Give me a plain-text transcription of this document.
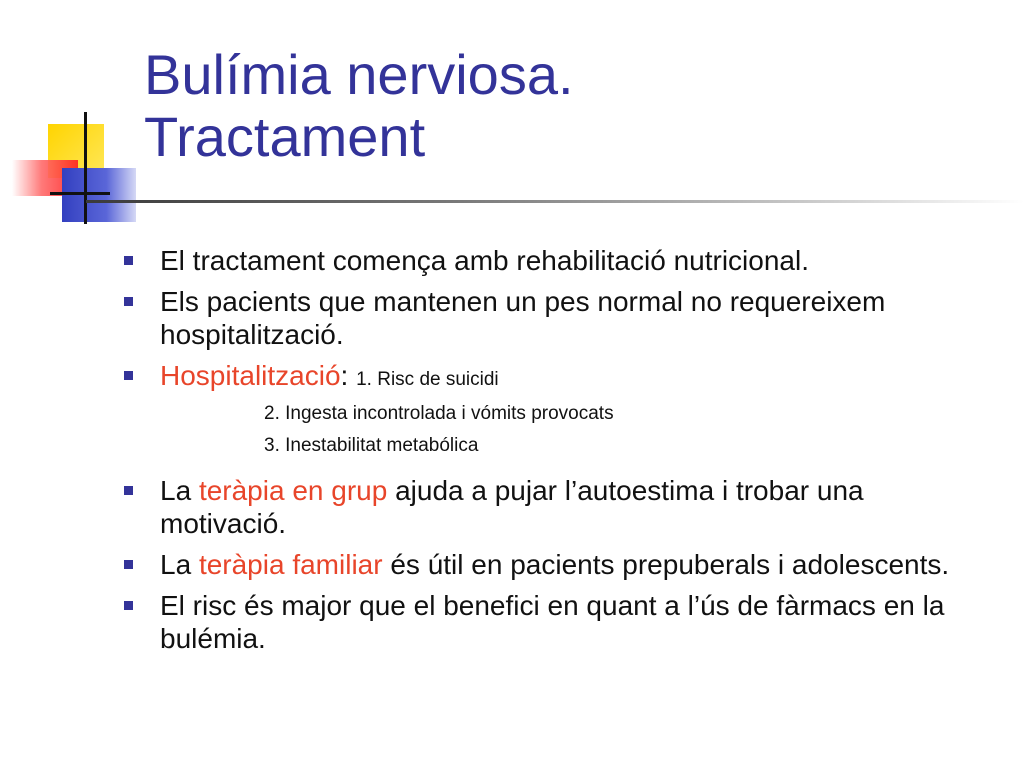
Bulímia nerviosa.
Tractament
El tractament comença amb rehabilitació nutricional.
Els pacients que mantenen un pes normal no requereixem hospitalització.
Hospitalització: 1. Risc de suicidi
2. Ingesta incontrolada i vómits provocats
3. Inestabilitat metabólica
La teràpia en grup ajuda a pujar l’autoestima i trobar una motivació.
La teràpia familiar és útil en pacients prepuberals i adolescents.
El risc és major que el benefici en quant a l’ús de fàrmacs en la bulémia.
